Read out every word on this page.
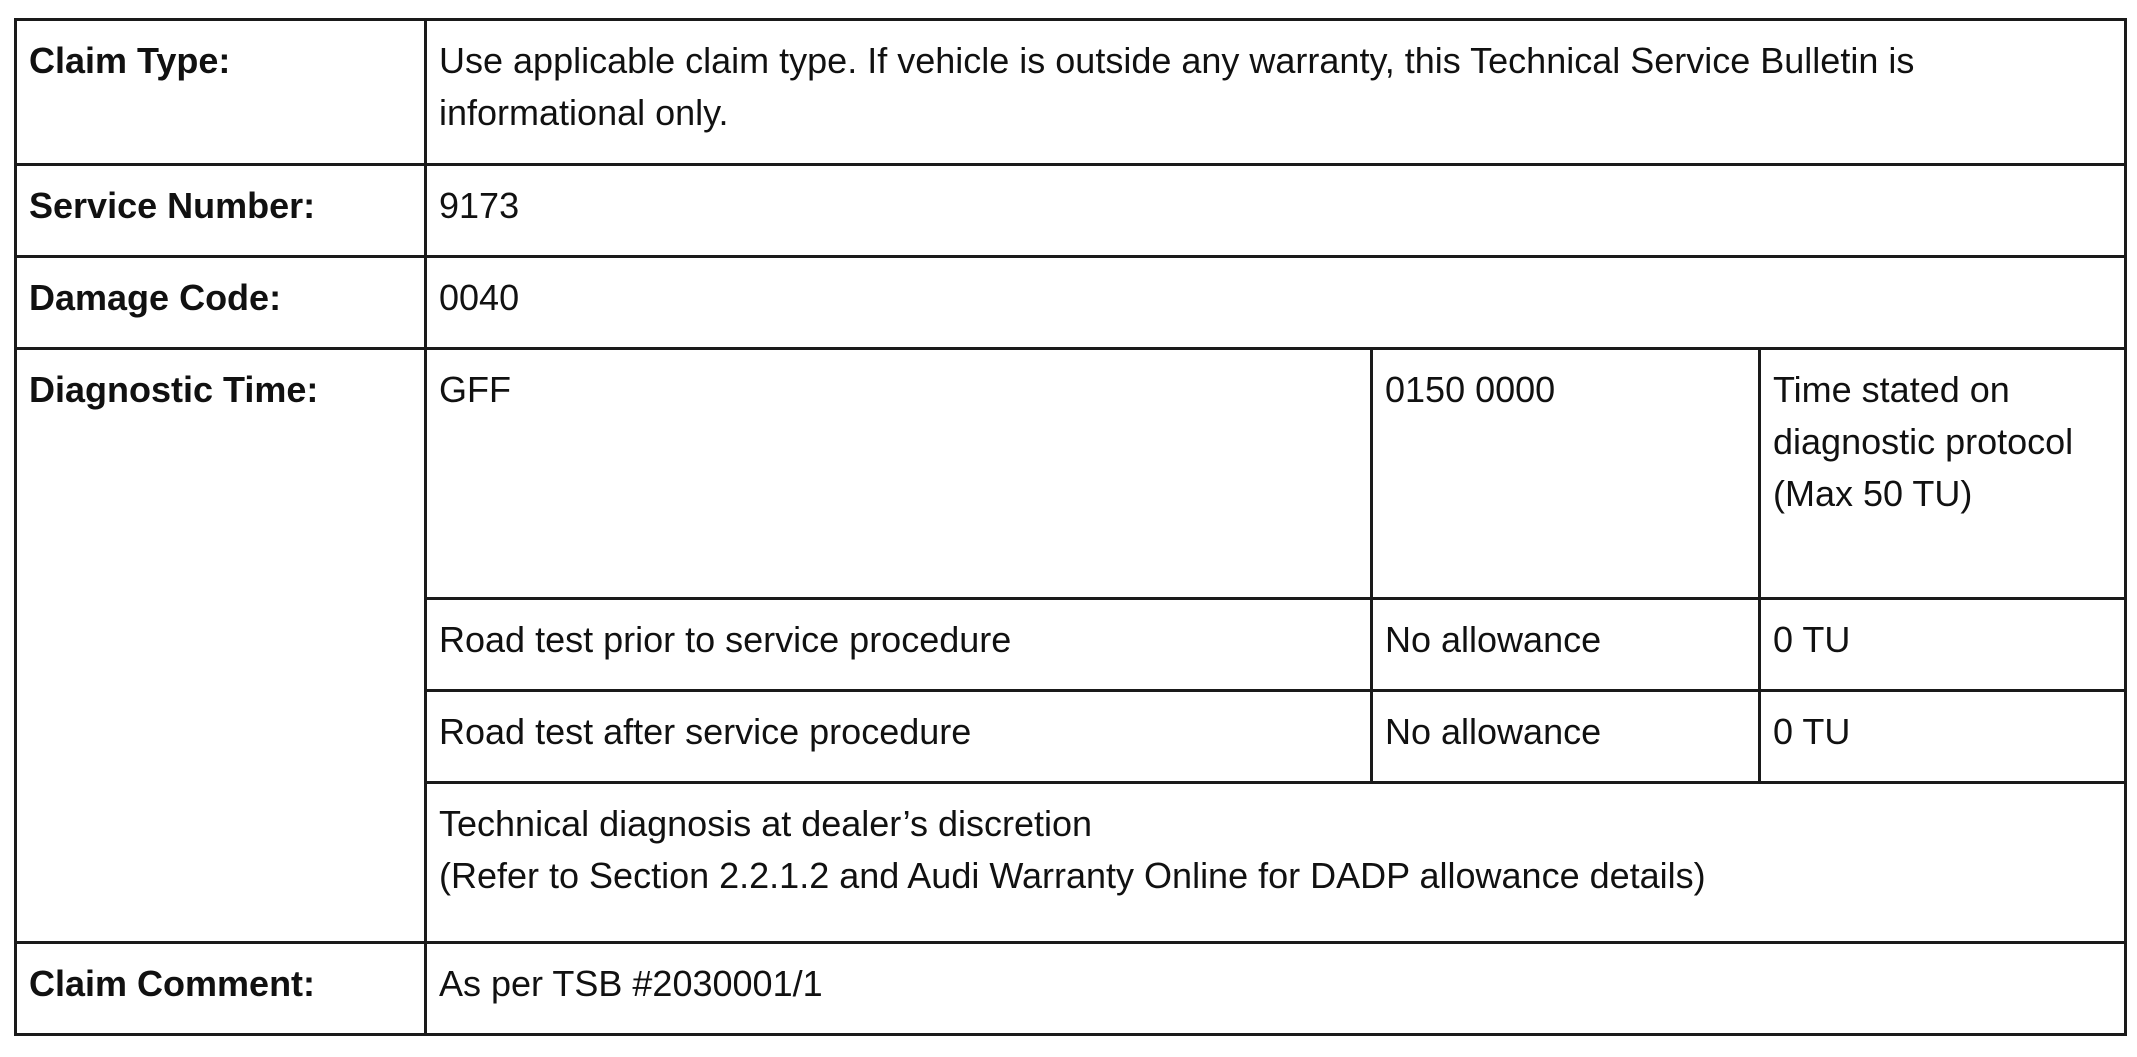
Claim Type:	Use applicable claim type. If vehicle is outside any warranty, this Technical Service Bulletin is informational only.		
Service Number:	9173		
Damage Code:	0040		
Diagnostic Time:	GFF	0150 0000	Time stated on diagnostic protocol (Max 50 TU)
	Road test prior to service procedure	No allowance	0 TU
	Road test after service procedure	No allowance	0 TU

	Technical diagnosis at dealer’s discretion
(Refer to Section 2.2.1.2 and Audi Warranty Online for DADP allowance details)		

Claim Comment:	As per TSB #2030001/1		
